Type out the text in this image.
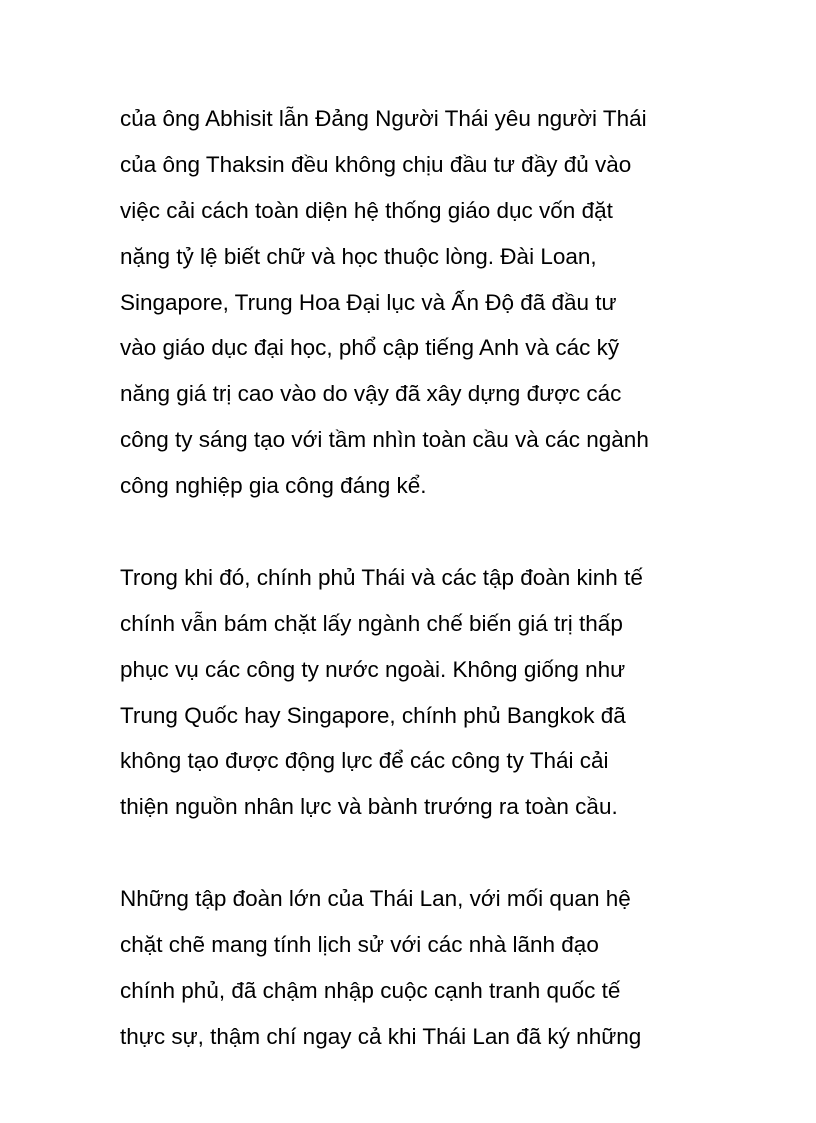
của ông Abhisit lẫn Đảng Người Thái yêu người Thái
của ông Thaksin đều không chịu đầu tư đầy đủ vào
việc cải cách toàn diện hệ thống giáo dục vốn đặt
nặng tỷ lệ biết chữ và học thuộc lòng. Đài Loan,
Singapore, Trung Hoa Đại lục và Ấn Độ đã đầu tư
vào giáo dục đại học, phổ cập tiếng Anh và các kỹ
năng giá trị cao vào do vậy đã xây dựng được các
công ty sáng tạo với tầm nhìn toàn cầu và các ngành
công nghiệp gia công đáng kể.
Trong khi đó, chính phủ Thái và các tập đoàn kinh tế
chính vẫn bám chặt lấy ngành chế biến giá trị thấp
phục vụ các công ty nước ngoài. Không giống như
Trung Quốc hay Singapore, chính phủ Bangkok đã
không tạo được động lực để các công ty Thái cải
thiện nguồn nhân lực và bành trướng ra toàn cầu.
Những tập đoàn lớn của Thái Lan, với mối quan hệ
chặt chẽ mang tính lịch sử với các nhà lãnh đạo
chính phủ, đã chậm nhập cuộc cạnh tranh quốc tế
thực sự, thậm chí ngay cả khi Thái Lan đã ký những
